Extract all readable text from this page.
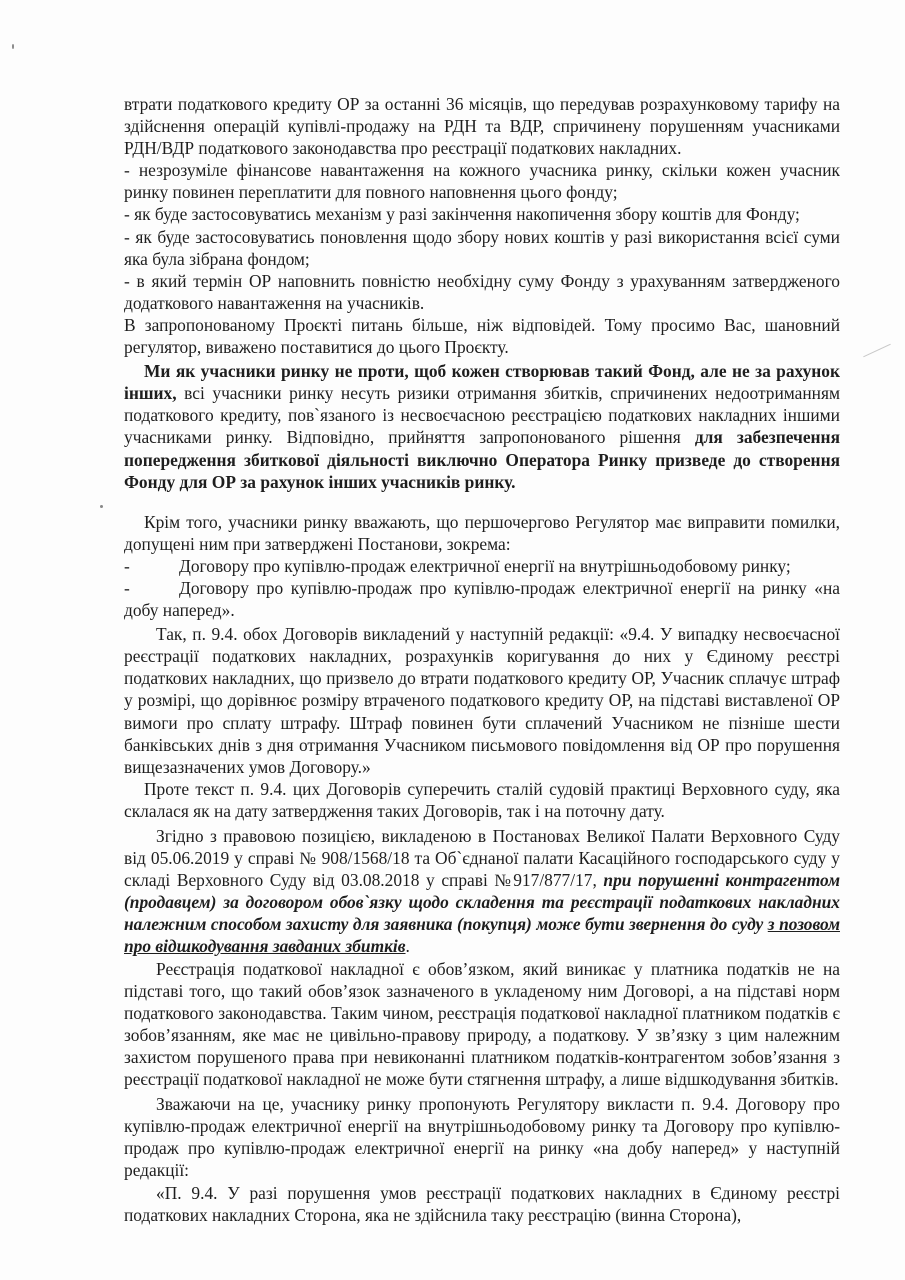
втрати податкового кредиту ОР за останні 36 місяців, що передував розрахунковому тарифу на здійснення операцій купівлі-продажу на РДН та ВДР, спричинену порушенням учасниками РДН/ВДР податкового законодавства про реєстрації податкових накладних.

- незрозуміле фінансове навантаження на кожного учасника ринку, скільки кожен учасник ринку повинен переплатити для повного наповнення цього фонду;

- як буде застосовуватись механізм у разі закінчення накопичення збору коштів для Фонду;

- як буде застосовуватись поновлення щодо збору нових коштів у разі використання всієї суми яка була зібрана фондом;

- в який термін ОР наповнить повністю необхідну суму Фонду з урахуванням затвердженого додаткового навантаження на учасників.

В запропонованому Проєкті питань більше, ніж відповідей. Тому просимо Вас, шановний регулятор, виважено поставитися до цього Проєкту.

Ми як учасники ринку не проти, щоб кожен створював такий Фонд, але не за рахунок інших, всі учасники ринку несуть ризики отримання збитків, спричинених недоотриманням податкового кредиту, пов`язаного із несвоєчасною реєстрацією податкових накладних іншими учасниками ринку. Відповідно, прийняття запропонованого рішення для забезпечення попередження збиткової діяльності виключно Оператора Ринку призведе до створення Фонду для ОР за рахунок інших учасників ринку.

Крім того, учасники ринку вважають, що першочергово Регулятор має виправити помилки, допущені ним при затверджені Постанови, зокрема:

-	Договору про купівлю-продаж електричної енергії на внутрішньодобовому ринку;
-	Договору про купівлю-продаж про купівлю-продаж електричної енергії на ринку «на
добу наперед».

Так, п. 9.4. обох Договорів викладений у наступній редакції: «9.4. У випадку несвоєчасної реєстрації податкових накладних, розрахунків коригування до них у Єдиному реєстрі податкових накладних, що призвело до втрати податкового кредиту ОР, Учасник сплачує штраф у розмірі, що дорівнює розміру втраченого податкового кредиту ОР, на підставі виставленої ОР вимоги про сплату штрафу. Штраф повинен бути сплачений Учасником не пізніше шести банківських днів з дня отримання Учасником письмового повідомлення від ОР про порушення вищезазначених умов Договору.»

Проте текст п. 9.4. цих Договорів суперечить сталій судовій практиці Верховного суду, яка склалася як на дату затвердження таких Договорів, так і на поточну дату.

Згідно з правовою позицією, викладеною в Постановах Великої Палати Верховного Суду від 05.06.2019 у справі № 908/1568/18 та Об`єднаної палати Касаційного господарського суду у складі Верховного Суду від 03.08.2018 у справі №917/877/17, при порушенні контрагентом (продавцем) за договором обов`язку щодо складення та реєстрації податкових накладних належним способом захисту для заявника (покупця) може бути звернення до суду з позовом про відшкодування завданих збитків.

Реєстрація податкової накладної є обов’язком, який виникає у платника податків не на підставі того, що такий обов’язок зазначеного в укладеному ним Договорі, а на підставі норм податкового законодавства. Таким чином, реєстрація податкової накладної платником податків є зобов’язанням, яке має не цивільно-правову природу, а податкову. У зв’язку з цим належним захистом порушеного права при невиконанні платником податків-контрагентом зобов’язання з реєстрації податкової накладної не може бути стягнення штрафу, а лише відшкодування збитків.

Зважаючи на це, учаснику ринку пропонують Регулятору викласти п. 9.4. Договору про купівлю-продаж електричної енергії на внутрішньодобовому ринку та Договору про купівлю-продаж про купівлю-продаж електричної енергії на ринку «на добу наперед» у наступній редакції:

«П. 9.4. У разі порушення умов реєстрації податкових накладних в Єдиному реєстрі податкових накладних Сторона, яка не здійснила таку реєстрацію (винна Сторона),
